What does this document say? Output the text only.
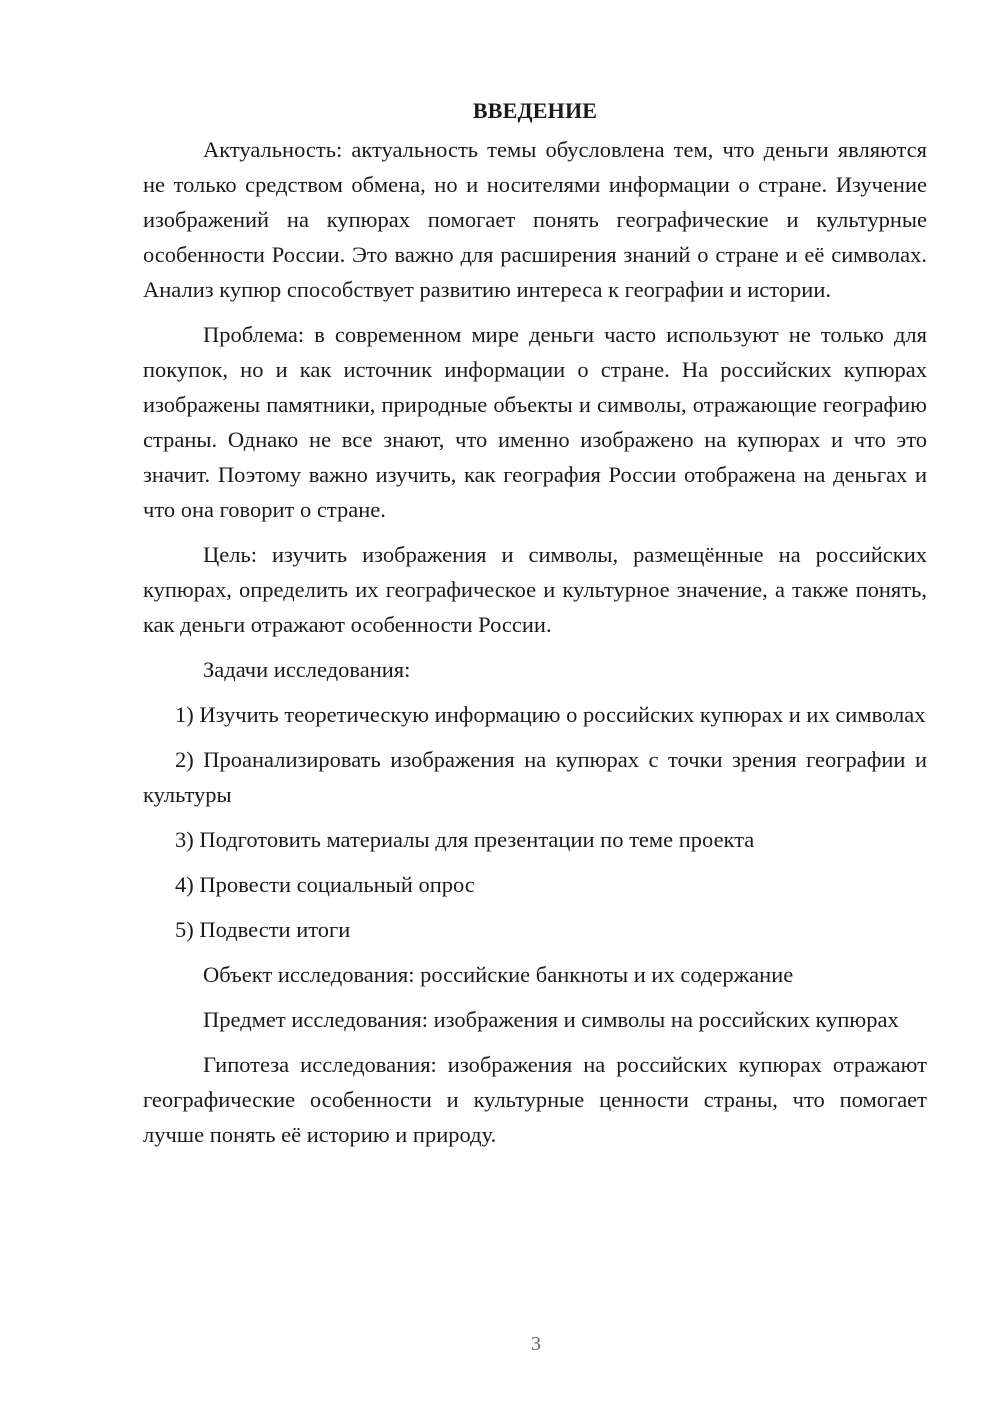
ВВЕДЕНИЕ

Актуальность: актуальность темы обусловлена тем, что деньги являются не только средством обмена, но и носителями информации о стране. Изучение изображений на купюрах помогает понять географические и культурные особенности России. Это важно для расширения знаний о стране и её символах. Анализ купюр способствует развитию интереса к географии и истории.

Проблема: в современном мире деньги часто используют не только для покупок, но и как источник информации о стране. На российских купюрах изображены памятники, природные объекты и символы, отражающие географию страны. Однако не все знают, что именно изображено на купюрах и что это значит. Поэтому важно изучить, как география России отображена на деньгах и что она говорит о стране.

Цель: изучить изображения и символы, размещённые на российских купюрах, определить их географическое и культурное значение, а также понять, как деньги отражают особенности России.

Задачи исследования:

1) Изучить теоретическую информацию о российских купюрах и их символах

2) Проанализировать изображения на купюрах с точки зрения географии и культуры

3) Подготовить материалы для презентации по теме проекта

4) Провести социальный опрос

5) Подвести итоги

Объект исследования: российские банкноты и их содержание

Предмет исследования: изображения и символы на российских купюрах

Гипотеза исследования: изображения на российских купюрах отражают географические особенности и культурные ценности страны, что помогает лучше понять её историю и природу.

3
